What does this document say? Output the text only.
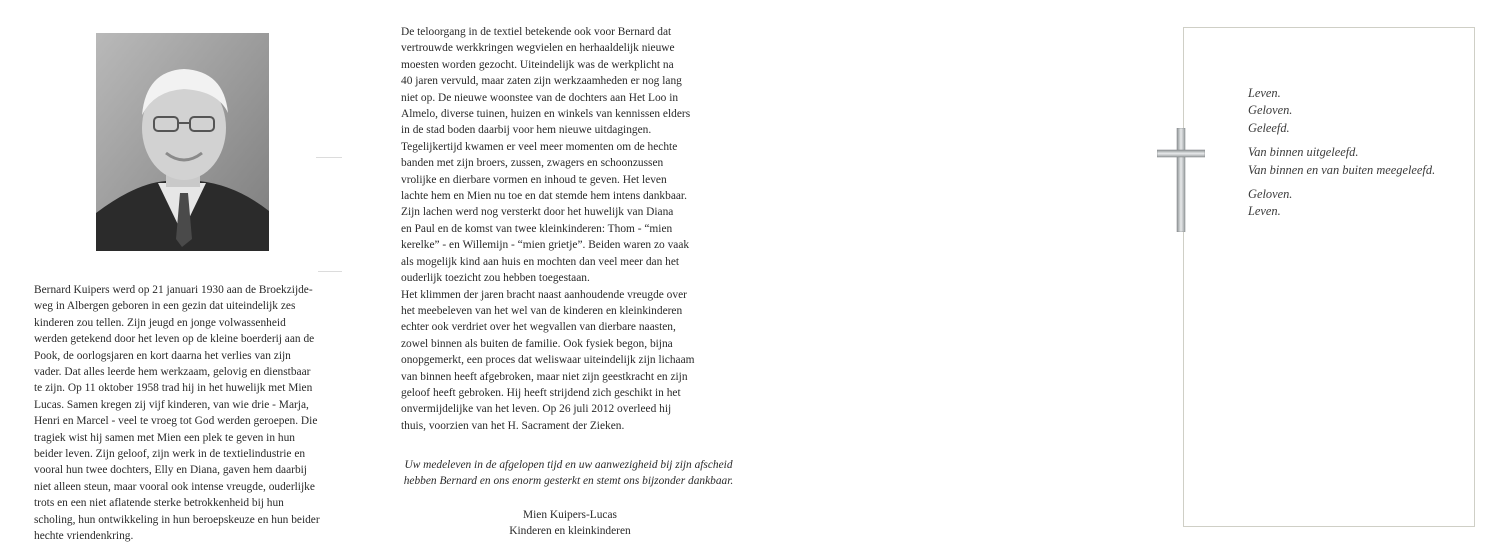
Bernard Kuipers werd op 21 januari 1930 aan de Broekzijde-
weg in Albergen geboren in een gezin dat uiteindelijk zes
kinderen zou tellen. Zijn jeugd en jonge volwassenheid
werden getekend door het leven op de kleine boerderij aan de
Pook, de oorlogsjaren en kort daarna het verlies van zijn
vader. Dat alles leerde hem werkzaam, gelovig en dienstbaar
te zijn. Op 11 oktober 1958 trad hij in het huwelijk met Mien
Lucas. Samen kregen zij vijf kinderen, van wie drie - Marja,
Henri en Marcel - veel te vroeg tot God werden geroepen. Die
tragiek wist hij samen met Mien een plek te geven in hun
beider leven. Zijn geloof, zijn werk in de textielindustrie en
vooral hun twee dochters, Elly en Diana, gaven hem daarbij
niet alleen steun, maar vooral ook intense vreugde, ouderlijke
trots en een niet aflatende sterke betrokkenheid bij hun
scholing, hun ontwikkeling in hun beroepskeuze en hun beider
hechte vriendenkring.
De teloorgang in de textiel betekende ook voor Bernard dat
vertrouwde werkkringen wegvielen en herhaaldelijk nieuwe
moesten worden gezocht. Uiteindelijk was de werkplicht na
40 jaren vervuld, maar zaten zijn werkzaamheden er nog lang
niet op. De nieuwe woonstee van de dochters aan Het Loo in
Almelo, diverse tuinen, huizen en winkels van kennissen elders
in de stad boden daarbij voor hem nieuwe uitdagingen.
Tegelijkertijd kwamen er veel meer momenten om de hechte
banden met zijn broers, zussen, zwagers en schoonzussen
vrolijke en dierbare vormen en inhoud te geven. Het leven
lachte hem en Mien nu toe en dat stemde hem intens dankbaar.
Zijn lachen werd nog versterkt door het huwelijk van Diana
en Paul en de komst van twee kleinkinderen: Thom - “mien
kerelke” - en Willemijn - “mien grietje”. Beiden waren zo vaak
als mogelijk kind aan huis en mochten dan veel meer dan het
ouderlijk toezicht zou hebben toegestaan.
Het klimmen der jaren bracht naast aanhoudende vreugde over
het meebeleven van het wel van de kinderen en kleinkinderen
echter ook verdriet over het wegvallen van dierbare naasten,
zowel binnen als buiten de familie. Ook fysiek begon, bijna
onopgemerkt, een proces dat weliswaar uiteindelijk zijn lichaam
van binnen heeft afgebroken, maar niet zijn geestkracht en zijn
geloof heeft gebroken. Hij heeft strijdend zich geschikt in het
onvermijdelijke van het leven. Op 26 juli 2012 overleed hij
thuis, voorzien van het H. Sacrament der Zieken.
Uw medeleven in de afgelopen tijd en uw aanwezigheid bij zijn afscheid
hebben Bernard en ons enorm gesterkt en stemt ons bijzonder dankbaar.
Mien Kuipers-Lucas
Kinderen en kleinkinderen
Leven.
Geloven.
Geleefd.
Van binnen uitgeleefd.
Van binnen en van buiten meegeleefd.
Geloven.
Leven.
